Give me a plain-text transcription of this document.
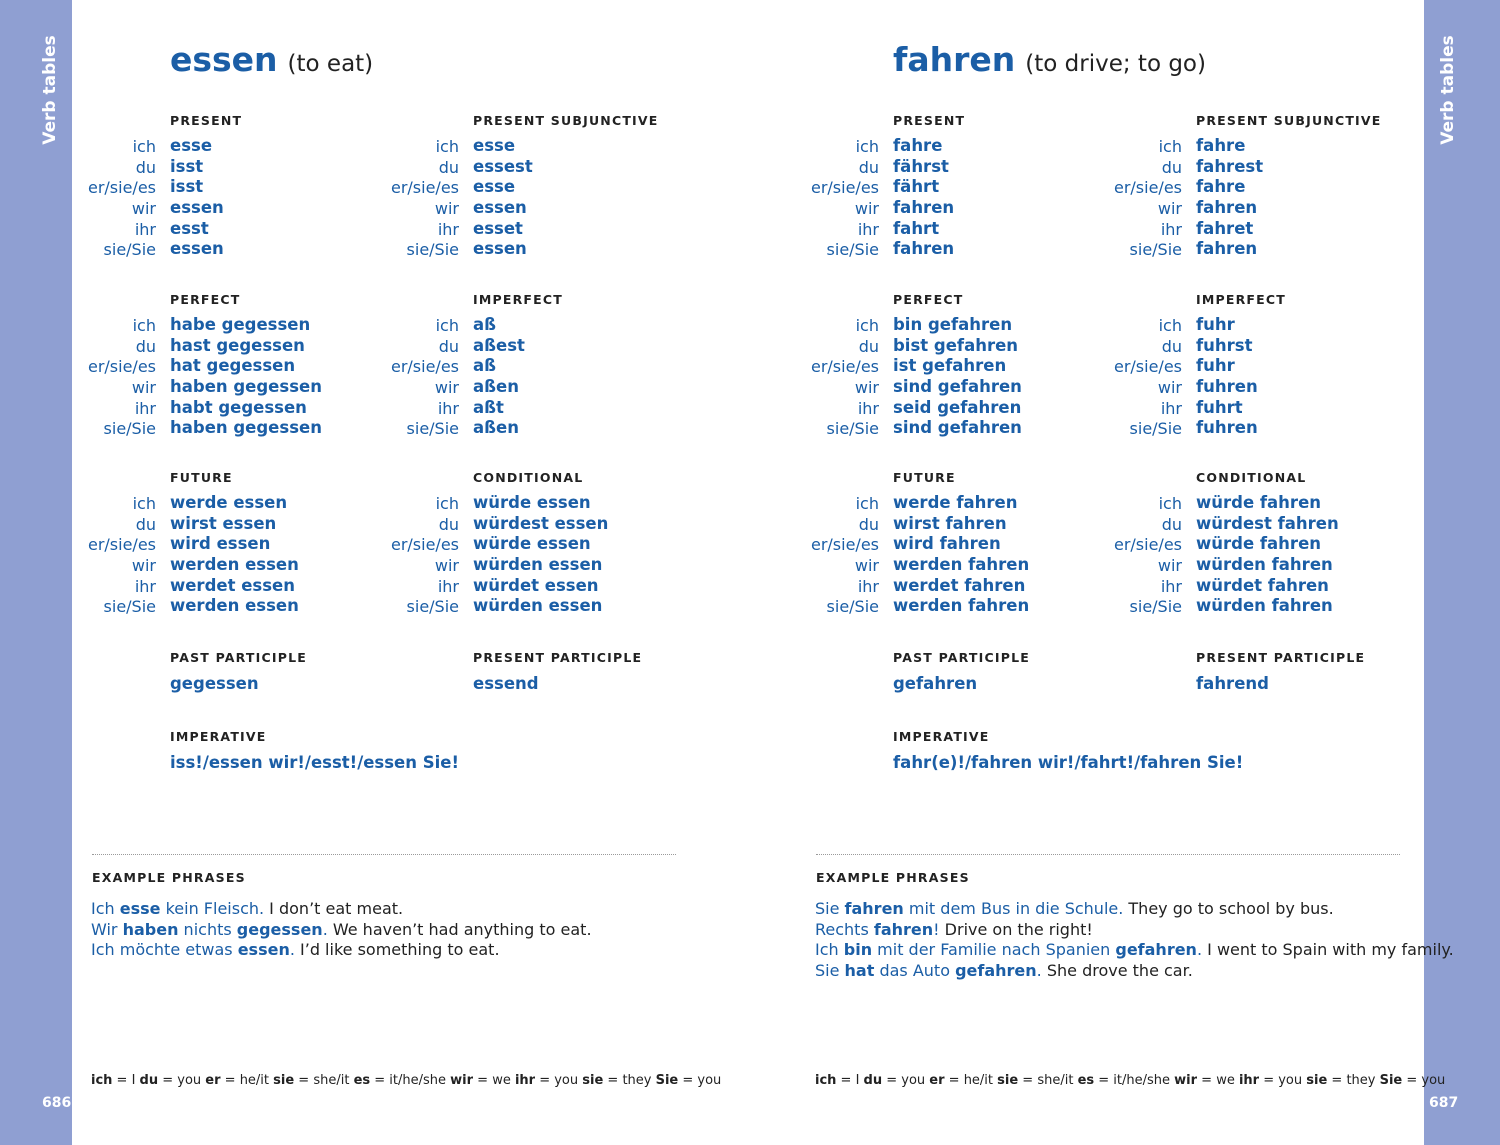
Verb tables
686
Verb tables
687
essen (to eat)
PRESENT
ich esse
du isst
er/sie/es isst
wir essen
ihr esst
sie/Sie essen
PRESENT SUBJUNCTIVE
ich esse
du essest
er/sie/es esse
wir essen
ihr esset
sie/Sie essen
PERFECT
ich habe gegessen
du hast gegessen
er/sie/es hat gegessen
wir haben gegessen
ihr habt gegessen
sie/Sie haben gegessen
IMPERFECT
ich aß
du aßest
er/sie/es aß
wir aßen
ihr aßt
sie/Sie aßen
FUTURE
ich werde essen
du wirst essen
er/sie/es wird essen
wir werden essen
ihr werdet essen
sie/Sie werden essen
CONDITIONAL
ich würde essen
du würdest essen
er/sie/es würde essen
wir würden essen
ihr würdet essen
sie/Sie würden essen
PAST PARTICIPLE
gegessen
PRESENT PARTICIPLE
essend
IMPERATIVE
iss!/essen wir!/esst!/essen Sie!
EXAMPLE PHRASES
Ich esse kein Fleisch. I don’t eat meat.
Wir haben nichts gegessen. We haven’t had anything to eat.
Ich möchte etwas essen. I’d like something to eat.
fahren (to drive; to go)
PRESENT
ich fahre
du fährst
er/sie/es fährt
wir fahren
ihr fahrt
sie/Sie fahren
PRESENT SUBJUNCTIVE
ich fahre
du fahrest
er/sie/es fahre
wir fahren
ihr fahret
sie/Sie fahren
PERFECT
ich bin gefahren
du bist gefahren
er/sie/es ist gefahren
wir sind gefahren
ihr seid gefahren
sie/Sie sind gefahren
IMPERFECT
ich fuhr
du fuhrst
er/sie/es fuhr
wir fuhren
ihr fuhrt
sie/Sie fuhren
FUTURE
ich werde fahren
du wirst fahren
er/sie/es wird fahren
wir werden fahren
ihr werdet fahren
sie/Sie werden fahren
CONDITIONAL
ich würde fahren
du würdest fahren
er/sie/es würde fahren
wir würden fahren
ihr würdet fahren
sie/Sie würden fahren
PAST PARTICIPLE
gefahren
PRESENT PARTICIPLE
fahrend
IMPERATIVE
fahr(e)!/fahren wir!/fahrt!/fahren Sie!
EXAMPLE PHRASES
Sie fahren mit dem Bus in die Schule. They go to school by bus.
Rechts fahren! Drive on the right!
Ich bin mit der Familie nach Spanien gefahren. I went to Spain with my family.
Sie hat das Auto gefahren. She drove the car.
ich = I du = you er = he/it sie = she/it es = it/he/she wir = we ihr = you sie = they Sie = you	ich = I du = you er = he/it sie = she/it es = it/he/she wir = we ihr = you sie = they Sie = you
